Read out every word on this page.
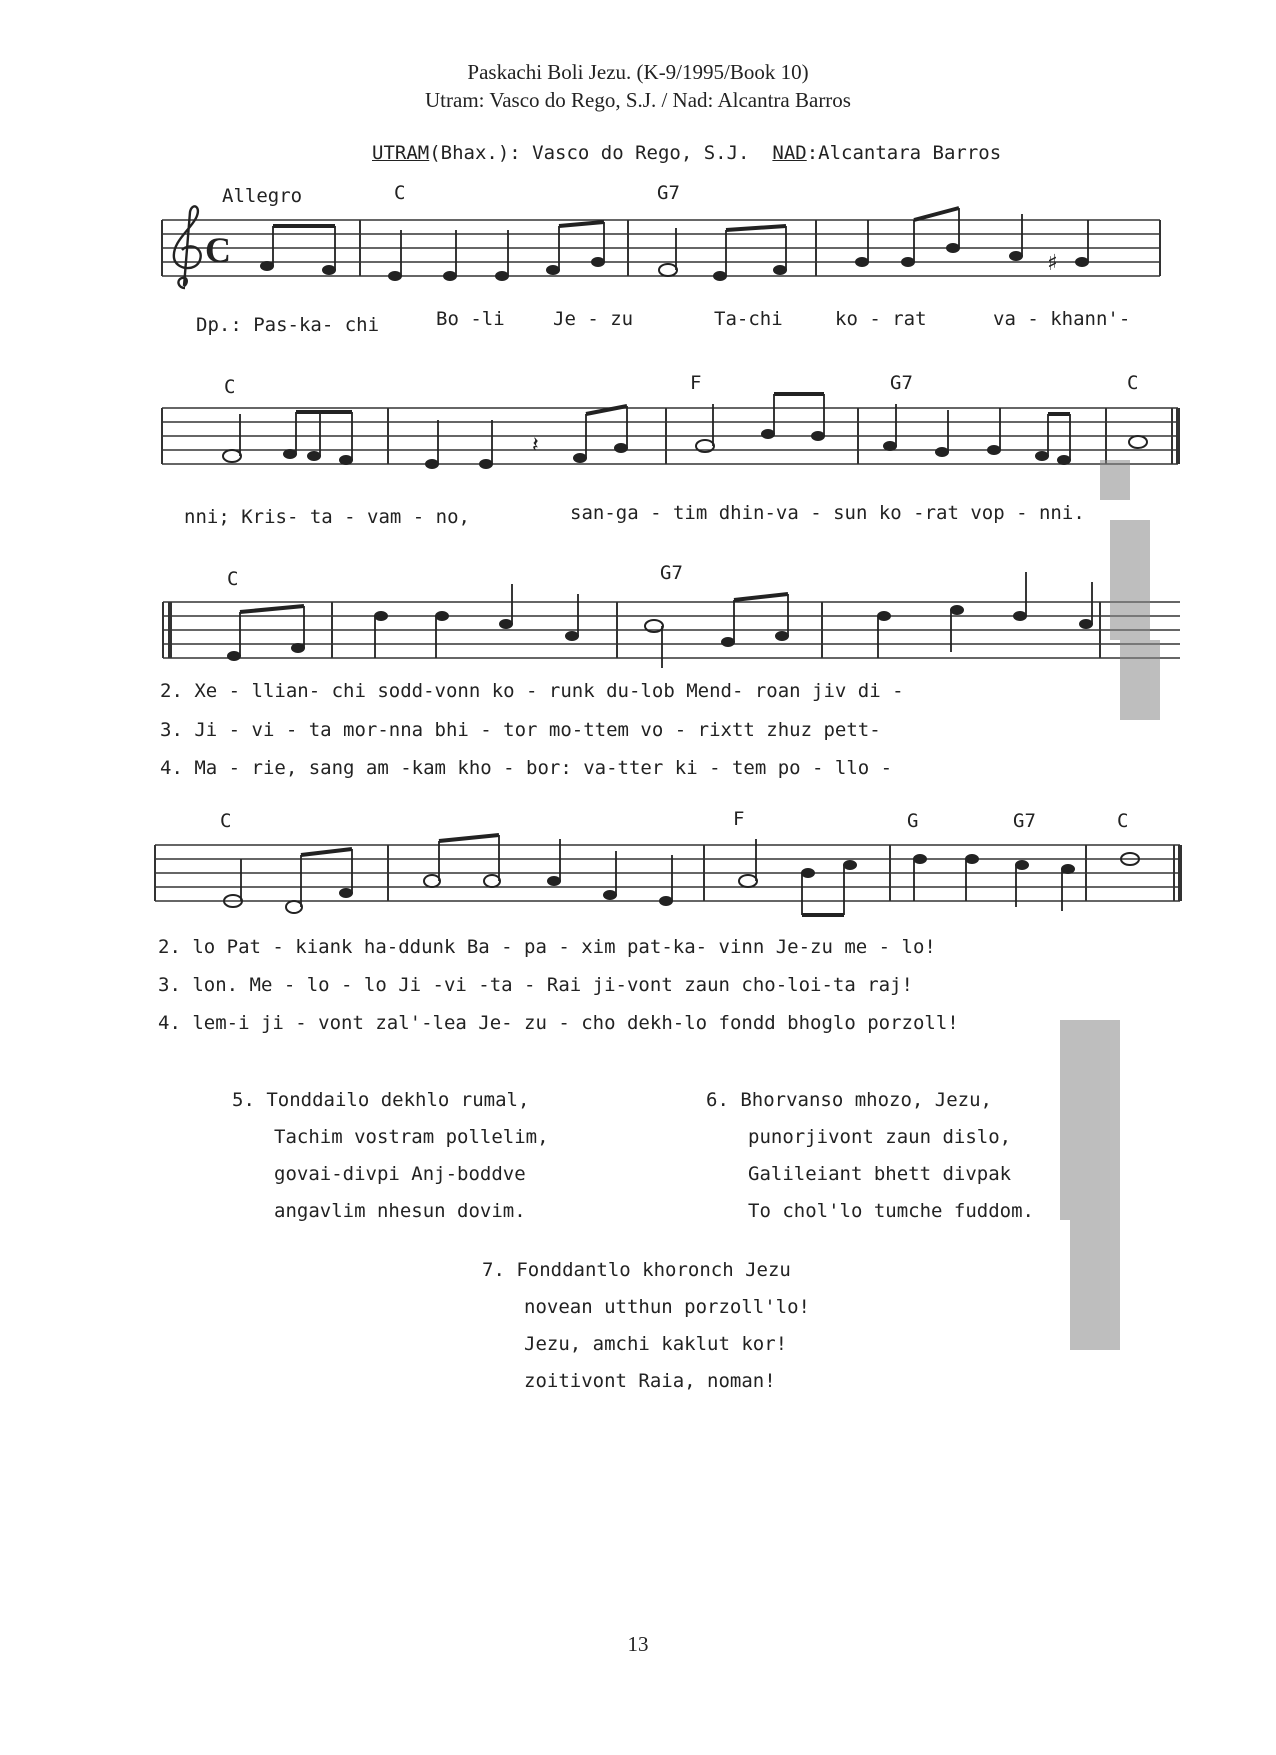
Paskachi Boli Jezu. (K-9/1995/Book 10)
Utram: Vasco do Rego, S.J. / Nad: Alcantra Barros
UTRAM(Bhax.): Vasco do Rego, S.J. NAD:Alcantara Barros
Allegro	C	G7
C	♯
Dp.: Pas-ka- chi	Bo -li	Je - zu	Ta-chi	ko - rat	va - khann'-
C	F	G7	C
𝄽
nni; Kris- ta - vam - no,	san-ga - tim dhin-va - sun ko -rat vop - nni.
C	G7
2. Xe - llian- chi sodd-vonn ko - runk du-lob Mend- roan jiv di -
3. Ji - vi - ta mor-nna bhi - tor mo-ttem vo - rixtt zhuz pett-
4. Ma - rie, sang am -kam kho - bor: va-tter ki - tem po - llo -
C	F	G	G7	C
2. lo Pat - kiank ha-ddunk Ba - pa - xim pat-ka- vinn Je-zu me - lo!
3. lon. Me - lo - lo Ji -vi -ta - Rai ji-vont zaun cho-loi-ta raj!
4. lem-i ji - vont zal'-lea Je- zu - cho dekh-lo fondd bhoglo porzoll!
5. Tonddailo dekhlo rumal,
Tachim vostram pollelim,
govai-divpi Anj-boddve
angavlim nhesun dovim.
6. Bhorvanso mhozo, Jezu,
punorjivont zaun dislo,
Galileiant bhett divpak
To chol'lo tumche fuddom.
7. Fonddantlo khoronch Jezu
novean utthun porzoll'lo!
Jezu, amchi kaklut kor!
zoitivont Raia, noman!
13
